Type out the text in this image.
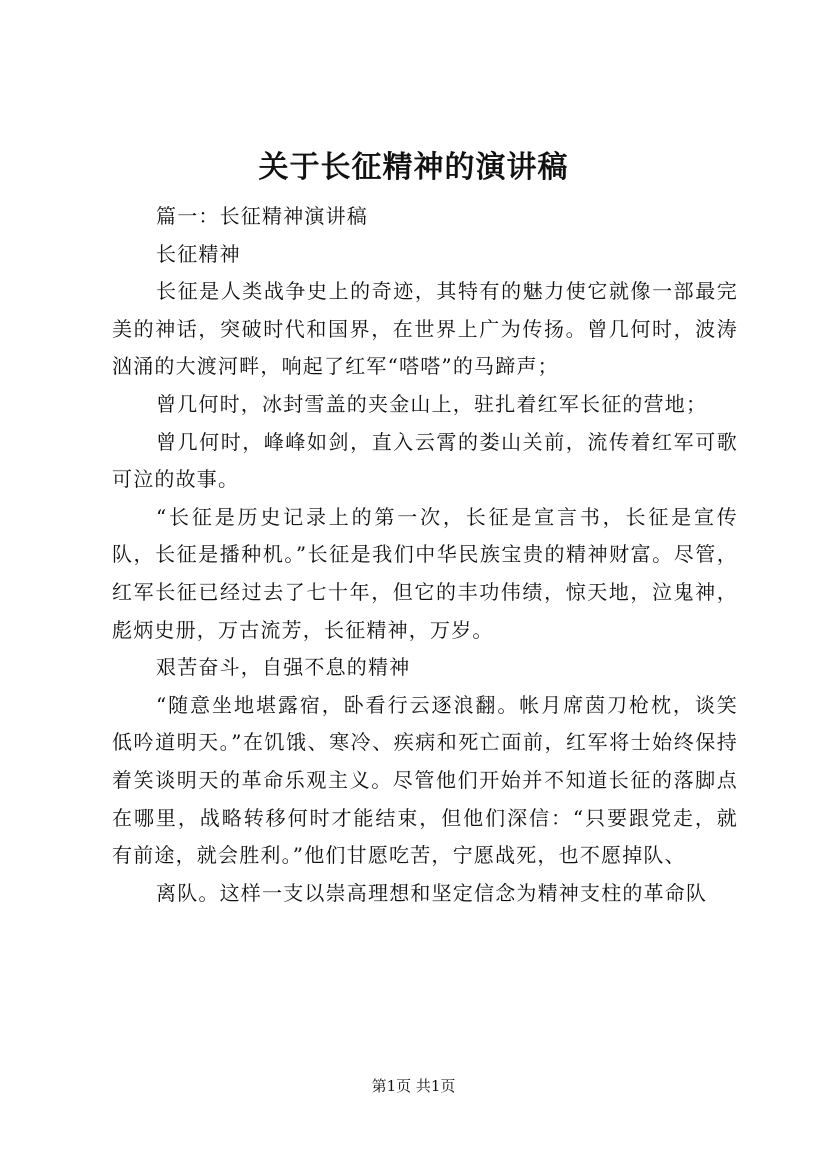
关于长征精神的演讲稿

篇一：长征精神演讲稿

长征精神

长征是人类战争史上的奇迹，其特有的魅力使它就像一部最完美的神话，突破时代和国界，在世界上广为传扬。曾几何时，波涛汹涌的大渡河畔，响起了红军“嗒嗒”的马蹄声；

曾几何时，冰封雪盖的夹金山上，驻扎着红军长征的营地；

曾几何时，峰峰如剑，直入云霄的娄山关前，流传着红军可歌可泣的故事。

“长征是历史记录上的第一次，长征是宣言书，长征是宣传队，长征是播种机。”长征是我们中华民族宝贵的精神财富。尽管，红军长征已经过去了七十年，但它的丰功伟绩，惊天地，泣鬼神，彪炳史册，万古流芳，长征精神，万岁。

艰苦奋斗，自强不息的精神

“随意坐地堪露宿，卧看行云逐浪翻。帐月席茵刀枪枕，谈笑低吟道明天。”在饥饿、寒冷、疾病和死亡面前，红军将士始终保持着笑谈明天的革命乐观主义。尽管他们开始并不知道长征的落脚点在哪里，战略转移何时才能结束，但他们深信：“只要跟党走，就有前途，就会胜利。”他们甘愿吃苦，宁愿战死，也不愿掉队、

离队。这样一支以崇高理想和坚定信念为精神支柱的革命队

第1页 共1页
